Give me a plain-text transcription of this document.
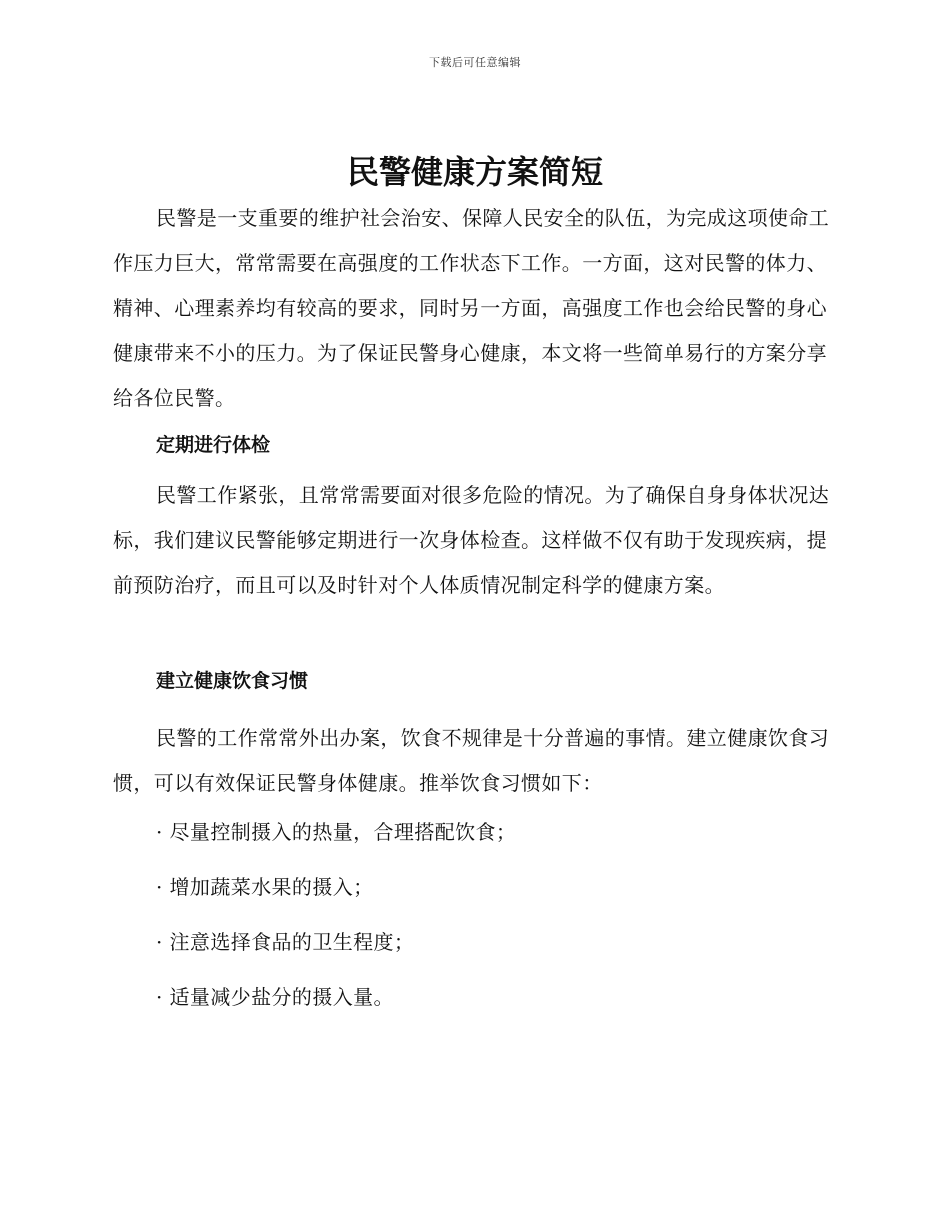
下载后可任意编辑
民警健康方案简短

民警是一支重要的维护社会治安、保障人民安全的队伍，为完成这项使命工作压力巨大，常常需要在高强度的工作状态下工作。一方面，这对民警的体力、精神、心理素养均有较高的要求，同时另一方面，高强度工作也会给民警的身心健康带来不小的压力。为了保证民警身心健康，本文将一些简单易行的方案分享给各位民警。

定期进行体检

民警工作紧张，且常常需要面对很多危险的情况。为了确保自身身体状况达标，我们建议民警能够定期进行一次身体检查。这样做不仅有助于发现疾病，提前预防治疗，而且可以及时针对个人体质情况制定科学的健康方案。

建立健康饮食习惯

民警的工作常常外出办案，饮食不规律是十分普遍的事情。建立健康饮食习惯，可以有效保证民警身体健康。推举饮食习惯如下：

· 尽量控制摄入的热量，合理搭配饮食；

· 增加蔬菜水果的摄入；

· 注意选择食品的卫生程度；

· 适量减少盐分的摄入量。
